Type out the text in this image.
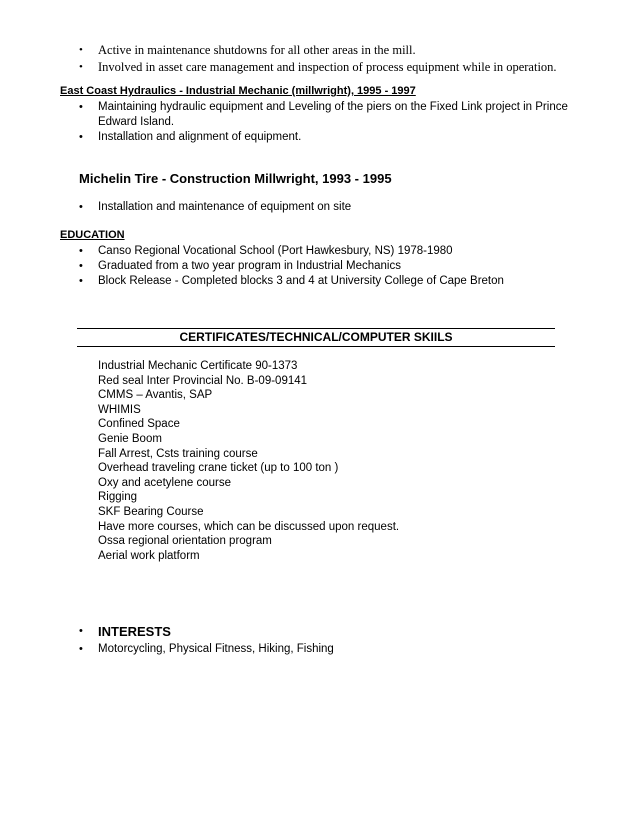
• Active in maintenance shutdowns for all other areas in the mill.
• Involved in asset care management and inspection of process equipment while in operation.
East Coast Hydraulics - Industrial Mechanic (millwright), 1995 - 1997
• Maintaining hydraulic equipment and Leveling of the piers on the Fixed Link project in Prince Edward Island.
• Installation and alignment of equipment.
Michelin Tire - Construction Millwright, 1993 - 1995
• Installation and maintenance of equipment on site
EDUCATION
• Canso Regional Vocational School (Port Hawkesbury, NS) 1978-1980
• Graduated from a two year program in Industrial Mechanics
• Block Release - Completed blocks 3 and 4 at University College of Cape Breton
CERTIFICATES/TECHNICAL/COMPUTER SKIILS
Industrial Mechanic Certificate 90-1373
Red seal Inter Provincial No. B-09-09141
CMMS – Avantis, SAP
WHIMIS
Confined Space
Genie Boom
Fall Arrest, Csts training course
Overhead traveling crane ticket (up to 100 ton )
Oxy and acetylene course
Rigging
SKF Bearing Course
Have more courses, which can be discussed upon request.
Ossa regional orientation program
Aerial work platform
• INTERESTS
• Motorcycling, Physical Fitness, Hiking, Fishing
